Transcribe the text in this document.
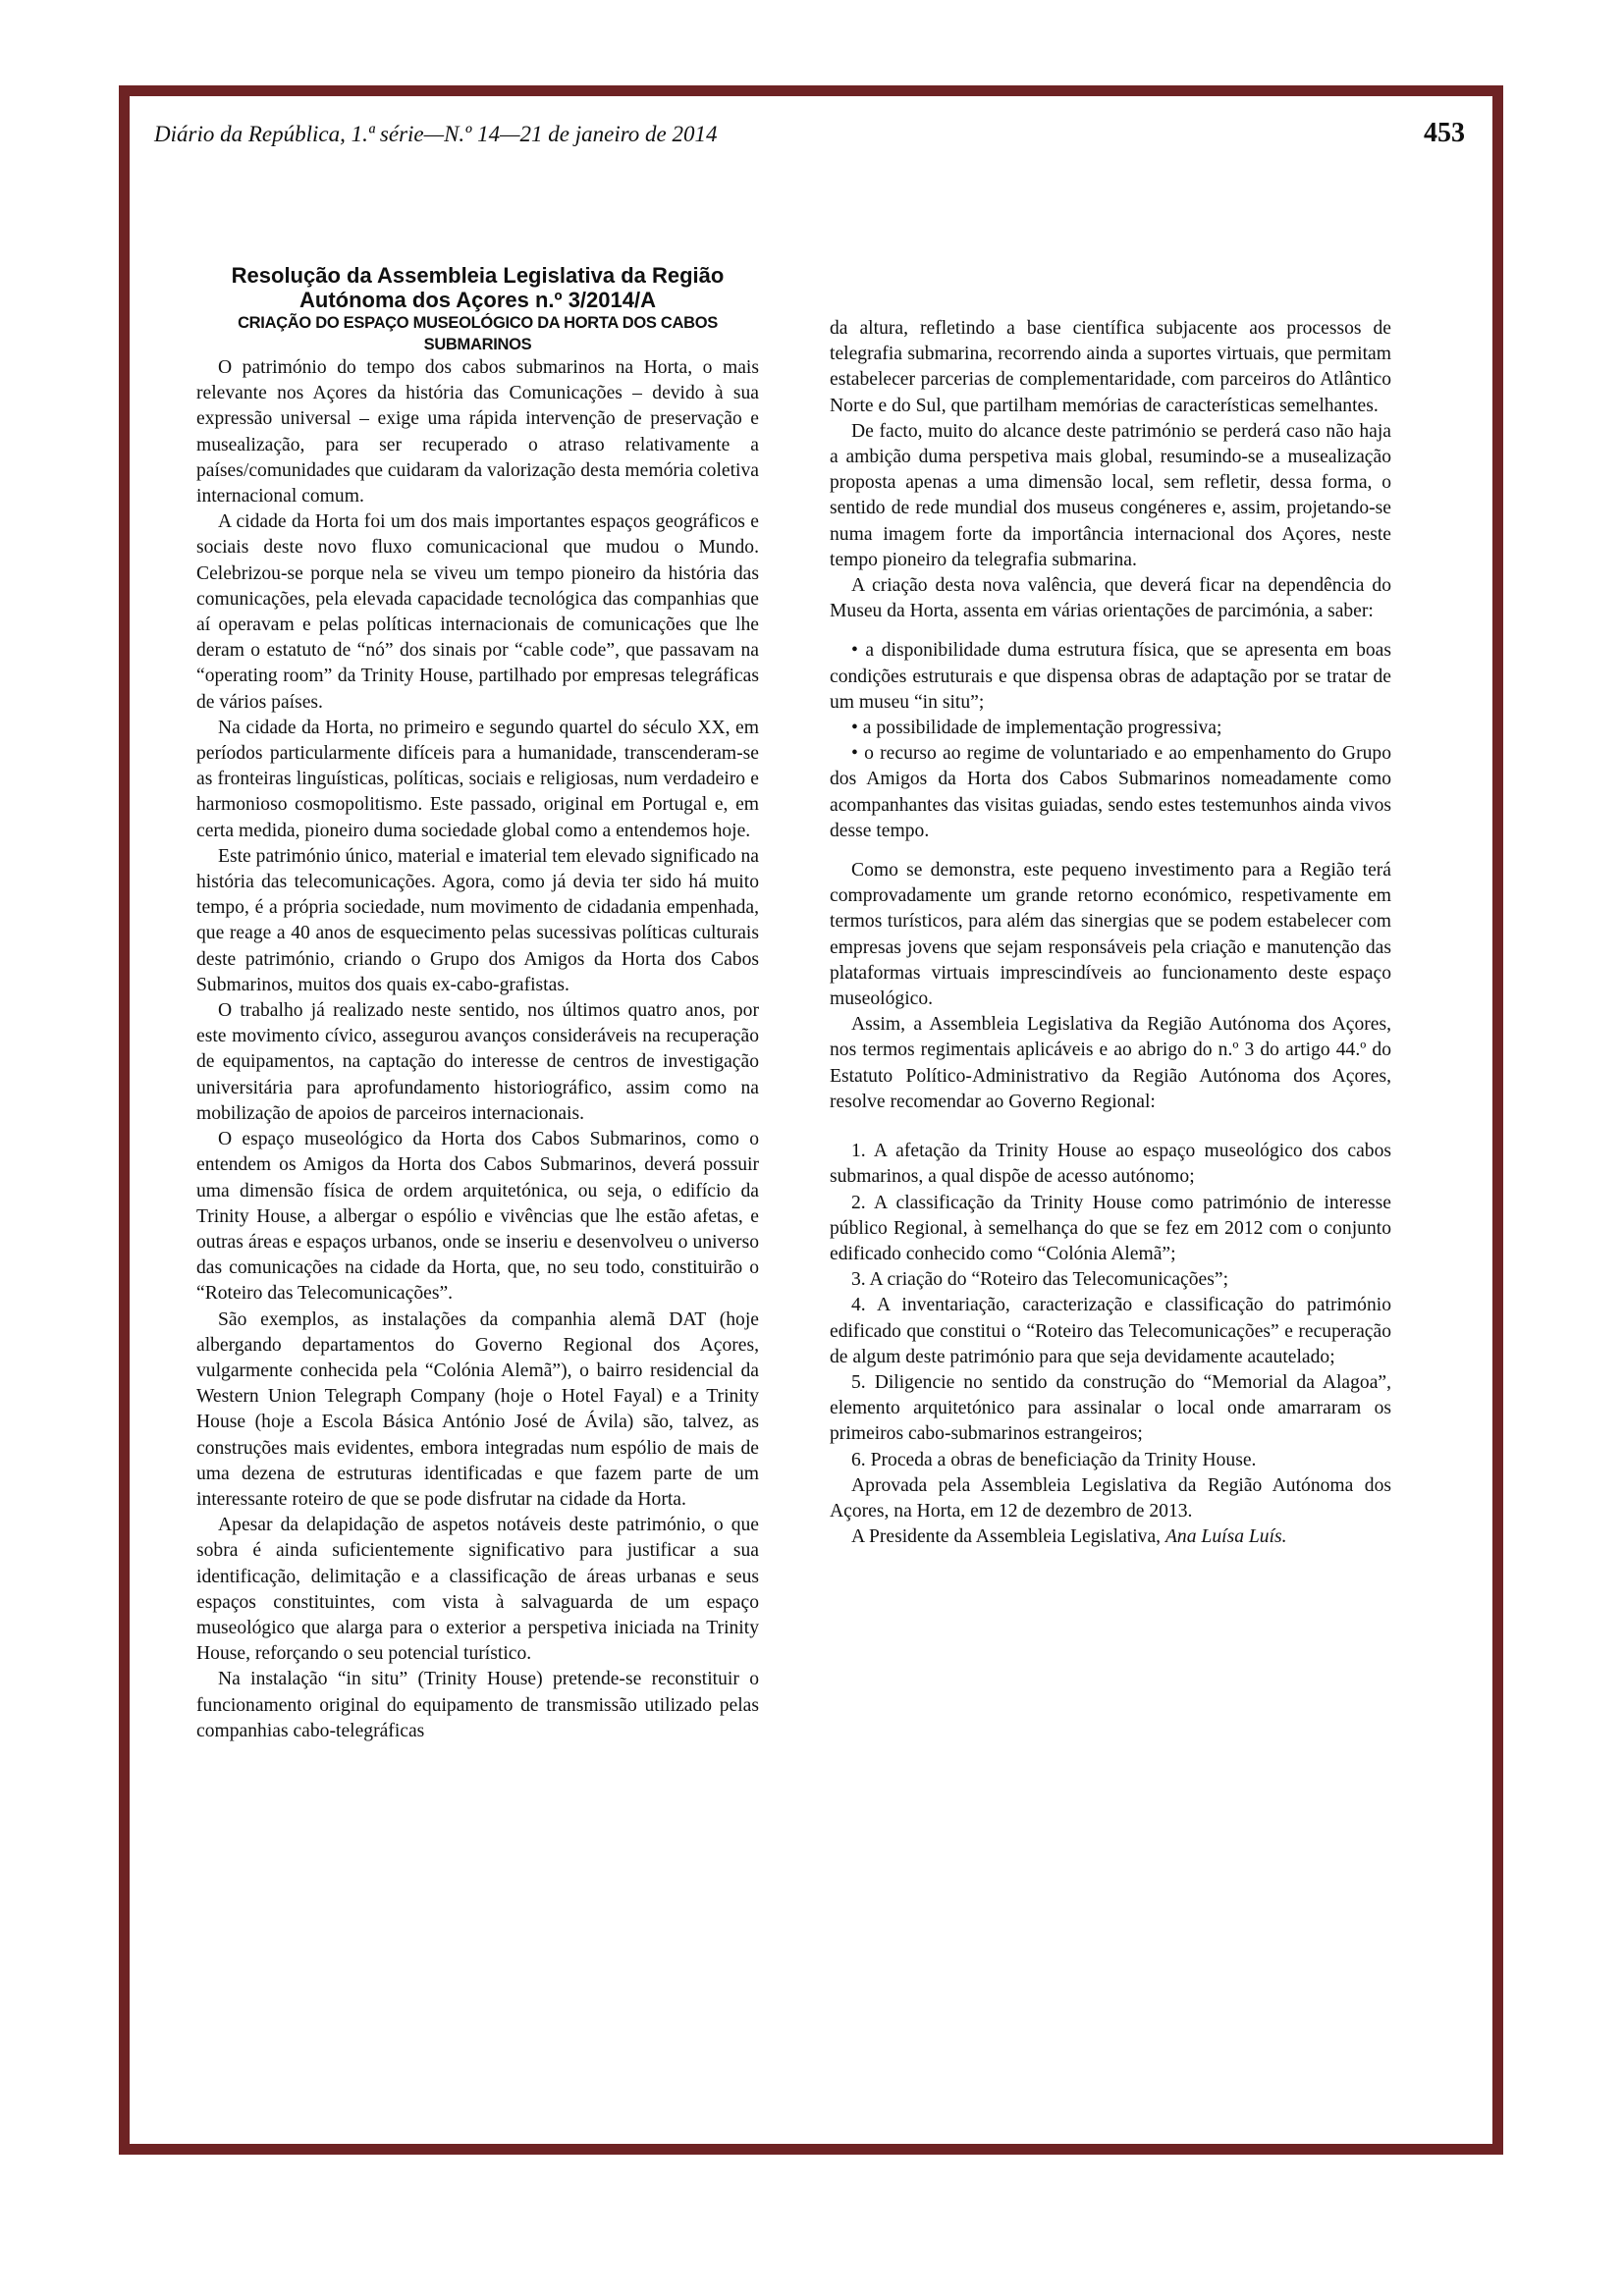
Diário da República, 1.ª série—N.º 14—21 de janeiro de 2014	453

Resolução da Assembleia Legislativa da Região Autónoma dos Açores n.º 3/2014/A

CRIAÇÃO DO ESPAÇO MUSEOLÓGICO DA HORTA DOS CABOS SUBMARINOS

O património do tempo dos cabos submarinos na Horta, o mais relevante nos Açores da história das Comunicações – devido à sua expressão universal – exige uma rápida intervenção de preservação e musealização, para ser recuperado o atraso relativamente a países/comunidades que cuidaram da valorização desta memória coletiva internacional comum.

A cidade da Horta foi um dos mais importantes espaços geográficos e sociais deste novo fluxo comunicacional que mudou o Mundo. Celebrizou-se porque nela se viveu um tempo pioneiro da história das comunicações, pela elevada capacidade tecnológica das companhias que aí operavam e pelas políticas internacionais de comunicações que lhe deram o estatuto de “nó” dos sinais por “cable code”, que passavam na “operating room” da Trinity House, partilhado por empresas telegráficas de vários países.

Na cidade da Horta, no primeiro e segundo quartel do século XX, em períodos particularmente difíceis para a humanidade, transcenderam-se as fronteiras linguísticas, políticas, sociais e religiosas, num verdadeiro e harmonioso cosmopolitismo. Este passado, original em Portugal e, em certa medida, pioneiro duma sociedade global como a entendemos hoje.

Este património único, material e imaterial tem elevado significado na história das telecomunicações. Agora, como já devia ter sido há muito tempo, é a própria sociedade, num movimento de cidadania empenhada, que reage a 40 anos de esquecimento pelas sucessivas políticas culturais deste património, criando o Grupo dos Amigos da Horta dos Cabos Submarinos, muitos dos quais ex-cabo-grafistas.

O trabalho já realizado neste sentido, nos últimos quatro anos, por este movimento cívico, assegurou avanços consideráveis na recuperação de equipamentos, na captação do interesse de centros de investigação universitária para aprofundamento historiográfico, assim como na mobilização de apoios de parceiros internacionais.

O espaço museológico da Horta dos Cabos Submarinos, como o entendem os Amigos da Horta dos Cabos Submarinos, deverá possuir uma dimensão física de ordem arquitetónica, ou seja, o edifício da Trinity House, a albergar o espólio e vivências que lhe estão afetas, e outras áreas e espaços urbanos, onde se inseriu e desenvolveu o universo das comunicações na cidade da Horta, que, no seu todo, constituirão o “Roteiro das Telecomunicações”.

São exemplos, as instalações da companhia alemã DAT (hoje albergando departamentos do Governo Regional dos Açores, vulgarmente conhecida pela “Colónia Alemã”), o bairro residencial da Western Union Telegraph Company (hoje o Hotel Fayal) e a Trinity House (hoje a Escola Básica António José de Ávila) são, talvez, as construções mais evidentes, embora integradas num espólio de mais de uma dezena de estruturas identificadas e que fazem parte de um interessante roteiro de que se pode disfrutar na cidade da Horta.

Apesar da delapidação de aspetos notáveis deste património, o que sobra é ainda suficientemente significativo para justificar a sua identificação, delimitação e a classificação de áreas urbanas e seus espaços constituintes, com vista à salvaguarda de um espaço museológico que alarga para o exterior a perspetiva iniciada na Trinity House, reforçando o seu potencial turístico.

Na instalação “in situ” (Trinity House) pretende-se reconstituir o funcionamento original do equipamento de transmissão utilizado pelas companhias cabo-telegráficas

da altura, refletindo a base científica subjacente aos processos de telegrafia submarina, recorrendo ainda a suportes virtuais, que permitam estabelecer parcerias de complementaridade, com parceiros do Atlântico Norte e do Sul, que partilham memórias de características semelhantes.

De facto, muito do alcance deste património se perderá caso não haja a ambição duma perspetiva mais global, resumindo-se a musealização proposta apenas a uma dimensão local, sem refletir, dessa forma, o sentido de rede mundial dos museus congéneres e, assim, projetando-se numa imagem forte da importância internacional dos Açores, neste tempo pioneiro da telegrafia submarina.

A criação desta nova valência, que deverá ficar na dependência do Museu da Horta, assenta em várias orientações de parcimónia, a saber:

• a disponibilidade duma estrutura física, que se apresenta em boas condições estruturais e que dispensa obras de adaptação por se tratar de um museu “in situ”;
• a possibilidade de implementação progressiva;
• o recurso ao regime de voluntariado e ao empenhamento do Grupo dos Amigos da Horta dos Cabos Submarinos nomeadamente como acompanhantes das visitas guiadas, sendo estes testemunhos ainda vivos desse tempo.

Como se demonstra, este pequeno investimento para a Região terá comprovadamente um grande retorno económico, respetivamente em termos turísticos, para além das sinergias que se podem estabelecer com empresas jovens que sejam responsáveis pela criação e manutenção das plataformas virtuais imprescindíveis ao funcionamento deste espaço museológico.

Assim, a Assembleia Legislativa da Região Autónoma dos Açores, nos termos regimentais aplicáveis e ao abrigo do n.º 3 do artigo 44.º do Estatuto Político-Administrativo da Região Autónoma dos Açores, resolve recomendar ao Governo Regional:

1. A afetação da Trinity House ao espaço museológico dos cabos submarinos, a qual dispõe de acesso autónomo;
2. A classificação da Trinity House como património de interesse público Regional, à semelhança do que se fez em 2012 com o conjunto edificado conhecido como “Colónia Alemã”;
3. A criação do “Roteiro das Telecomunicações”;
4. A inventariação, caracterização e classificação do património edificado que constitui o “Roteiro das Telecomunicações” e recuperação de algum deste património para que seja devidamente acautelado;
5. Diligencie no sentido da construção do “Memorial da Alagoa”, elemento arquitetónico para assinalar o local onde amarraram os primeiros cabo-submarinos estrangeiros;
6. Proceda a obras de beneficiação da Trinity House.

Aprovada pela Assembleia Legislativa da Região Autónoma dos Açores, na Horta, em 12 de dezembro de 2013.

A Presidente da Assembleia Legislativa, Ana Luísa Luís.
